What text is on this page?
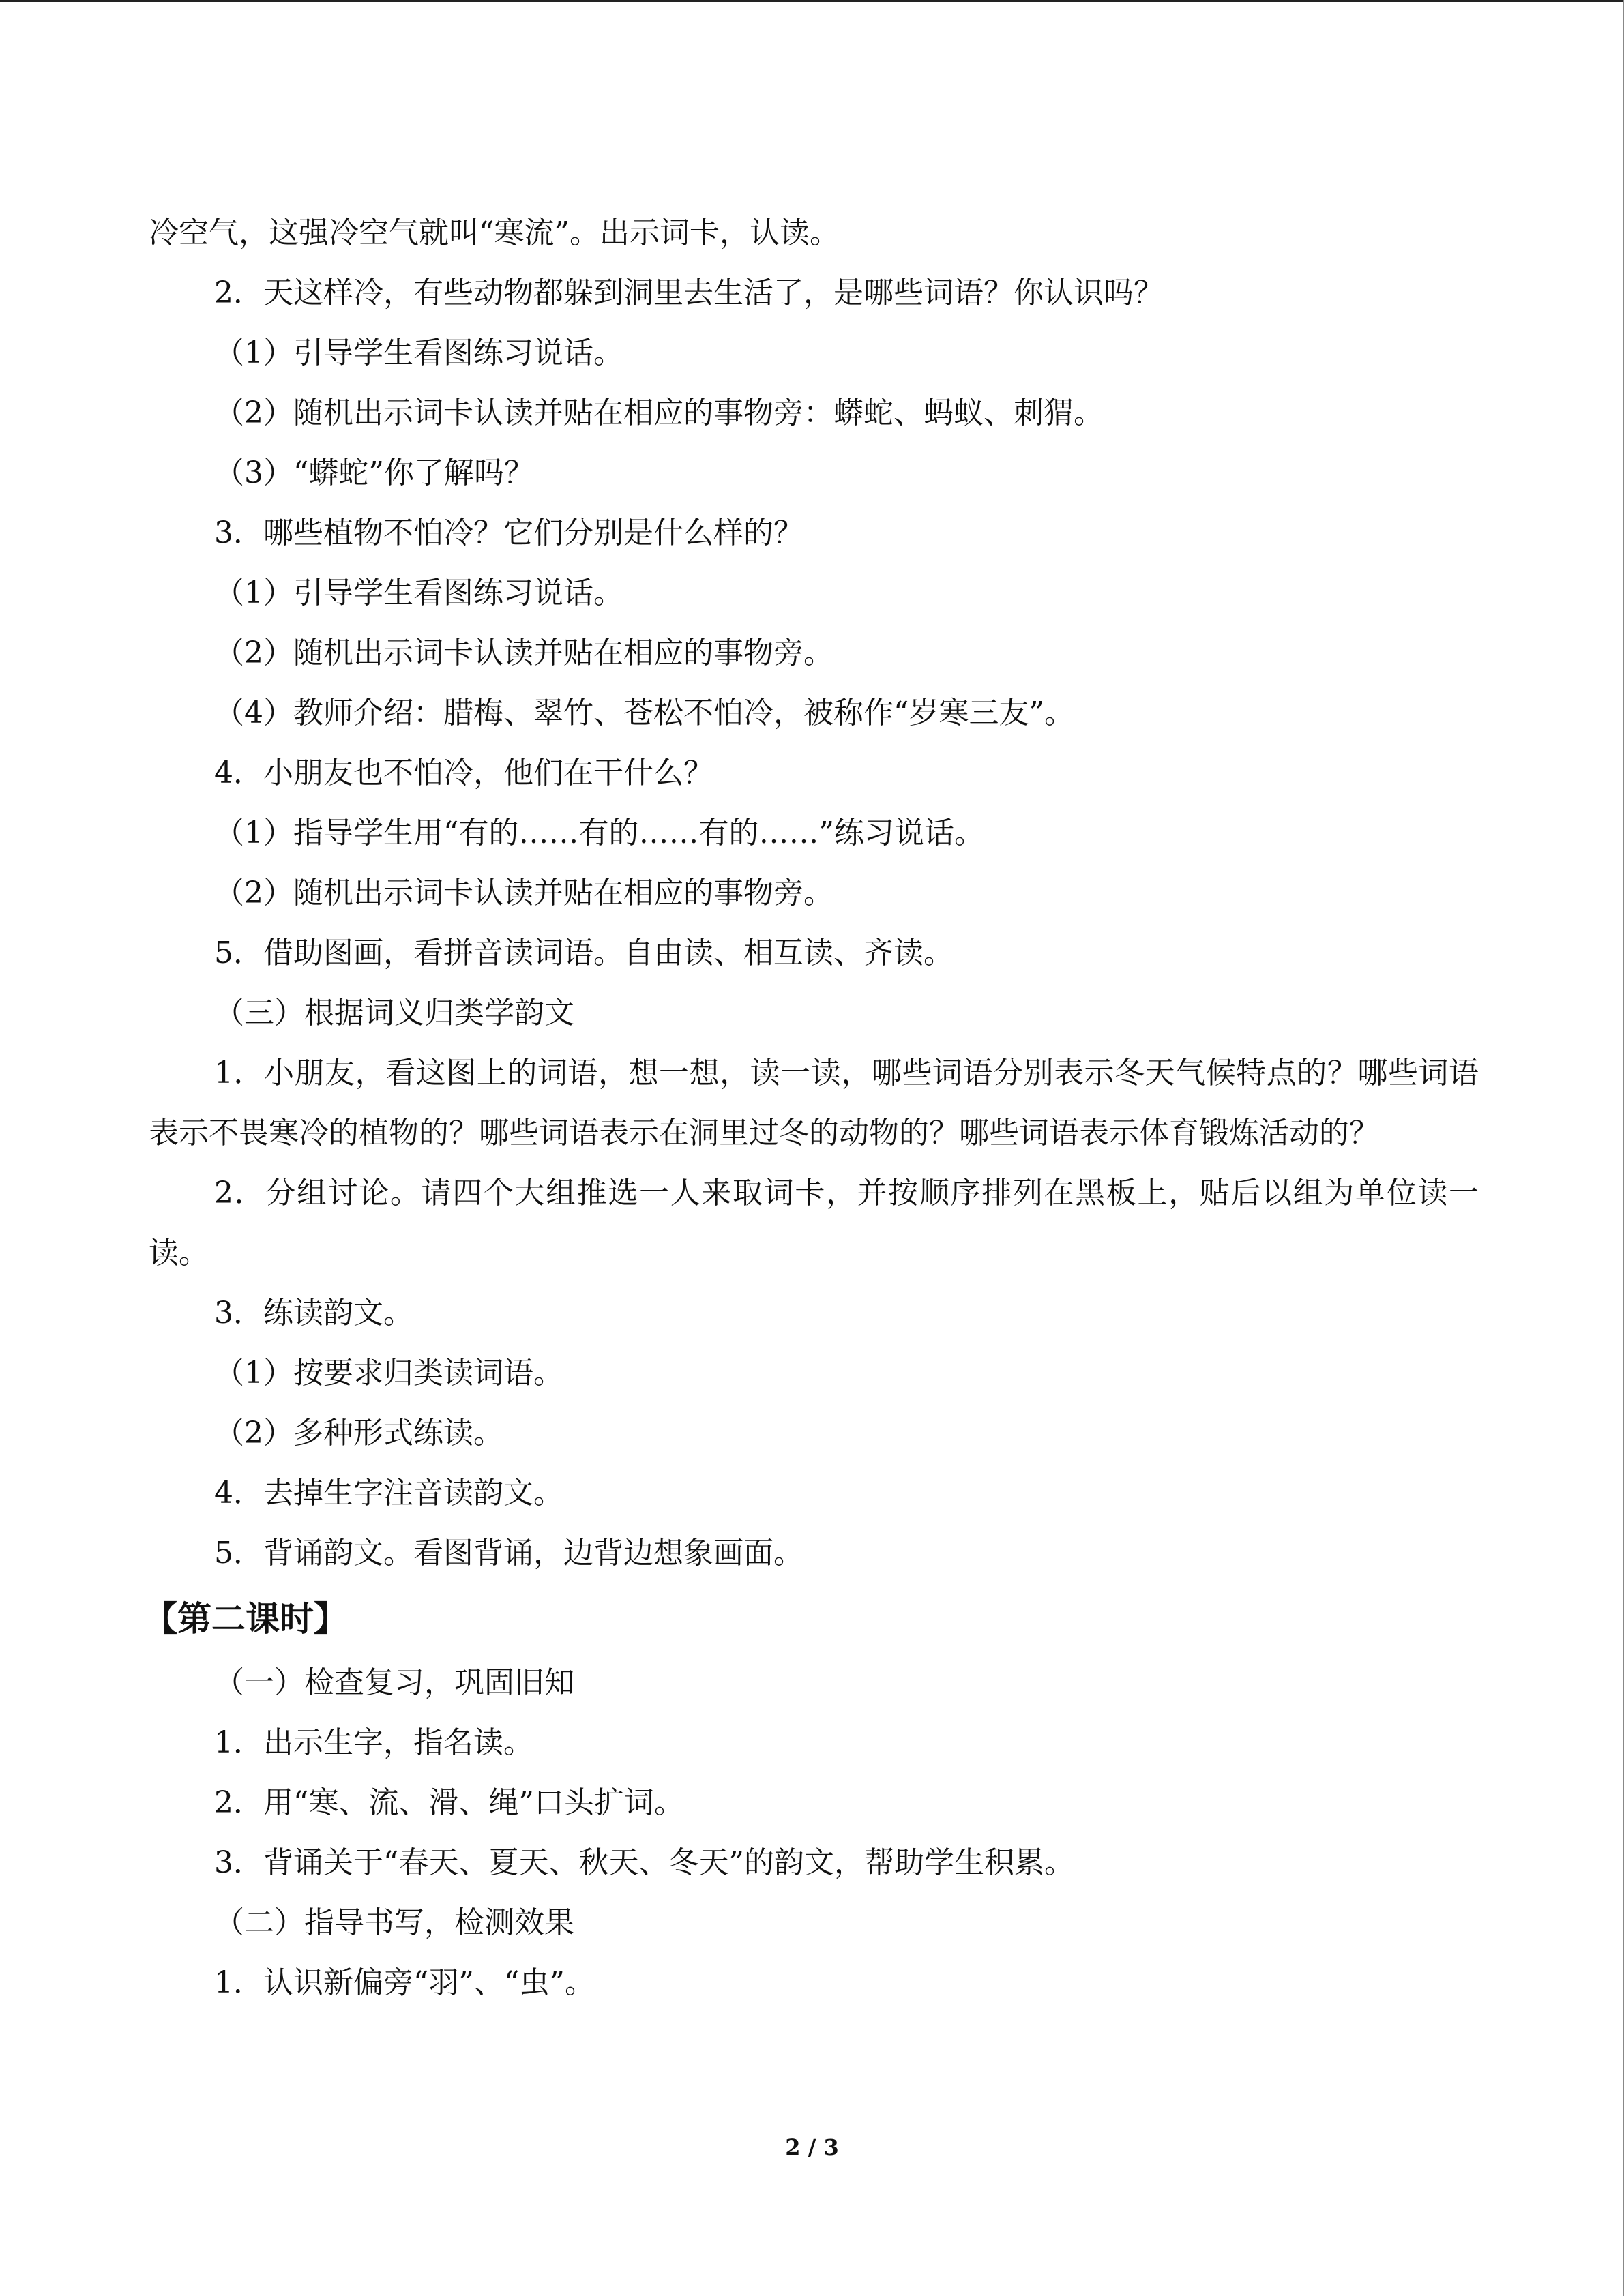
冷空气，这强冷空气就叫“寒流”。出示词卡，认读。

2．天这样冷，有些动物都躲到洞里去生活了，是哪些词语？你认识吗？

（1）引导学生看图练习说话。

（2）随机出示词卡认读并贴在相应的事物旁：蟒蛇、蚂蚁、刺猬。

（3）“蟒蛇”你了解吗？

3．哪些植物不怕冷？它们分别是什么样的？

（1）引导学生看图练习说话。

（2）随机出示词卡认读并贴在相应的事物旁。

（4）教师介绍：腊梅、翠竹、苍松不怕冷，被称作“岁寒三友”。

4．小朋友也不怕冷，他们在干什么？

（1）指导学生用“有的……有的……有的……”练习说话。

（2）随机出示词卡认读并贴在相应的事物旁。

5．借助图画，看拼音读词语。自由读、相互读、齐读。

（三）根据词义归类学韵文

1．小朋友，看这图上的词语，想一想，读一读，哪些词语分别表示冬天气候特点的？哪些词语表示不畏寒冷的植物的？哪些词语表示在洞里过冬的动物的？哪些词语表示体育锻炼活动的？

2．分组讨论。请四个大组推选一人来取词卡，并按顺序排列在黑板上，贴后以组为单位读一读。

3．练读韵文。

（1）按要求归类读词语。

（2）多种形式练读。

4．去掉生字注音读韵文。

5．背诵韵文。看图背诵，边背边想象画面。

【第二课时】

（一）检查复习，巩固旧知

1．出示生字，指名读。

2．用“寒、流、滑、绳”口头扩词。

3．背诵关于“春天、夏天、秋天、冬天”的韵文，帮助学生积累。

（二）指导书写，检测效果

1．认识新偏旁“羽”、“虫”。

2 / 3
